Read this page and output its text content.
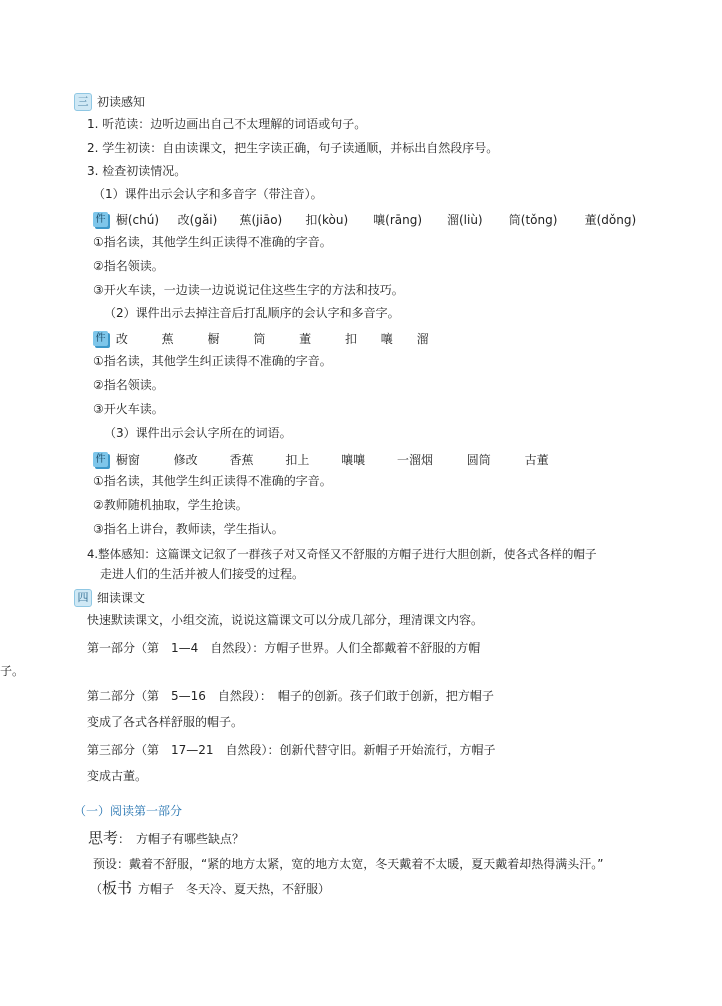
三 初读感知
1. 听范读：边听边画出自己不太理解的词语或句子。
2. 学生初读：自由读课文，把生字读正确，句子读通顺，并标出自然段序号。
3. 检查初读情况。
（1）课件出示会认字和多音字（带注音）。
件 橱(chú) 改(gǎi) 蕉(jiāo) 扣(kòu) 嚷(rāng) 溜(liù) 筒(tǒng) 董(dǒng)
①指名读，其他学生纠正读得不准确的字音。
②指名领读。
③开火车读，一边读一边说说记住这些生字的方法和技巧。
（2）课件出示去掉注音后打乱顺序的会认字和多音字。
件 改	蕉	橱	筒	董	扣 嚷 溜
①指名读，其他学生纠正读得不准确的字音。
②指名领读。
③开火车读。
（3）课件出示会认字所在的词语。
件 橱窗	修改	香蕉	扣上	嚷嚷	一溜烟	圆筒	古董
①指名读，其他学生纠正读得不准确的字音。
②教师随机抽取，学生抢读。
③指名上讲台，教师读，学生指认。
4.整体感知：这篇课文记叙了一群孩子对又奇怪又不舒服的方帽子进行大胆创新，使各式各样的帽子
走进人们的生活并被人们接受的过程。
四 细读课文
快速默读课文，小组交流，说说这篇课文可以分成几部分，理清课文内容。
第一部分（第　1—4　自然段）：方帽子世界。人们全都戴着不舒服的方帽
子。
第二部分（第　5—16　自然段）：　帽子的创新。孩子们敢于创新，把方帽子
变成了各式各样舒服的帽子。
第三部分（第　17—21　自然段）：创新代替守旧。新帽子开始流行，方帽子
变成古董。
（一）阅读第一部分
思考：　方帽子有哪些缺点？
预设：戴着不舒服，“紧的地方太紧，宽的地方太宽，冬天戴着不太暖，夏天戴着却热得满头汗。”
（板书 方帽子　冬天冷、夏天热，不舒服）
